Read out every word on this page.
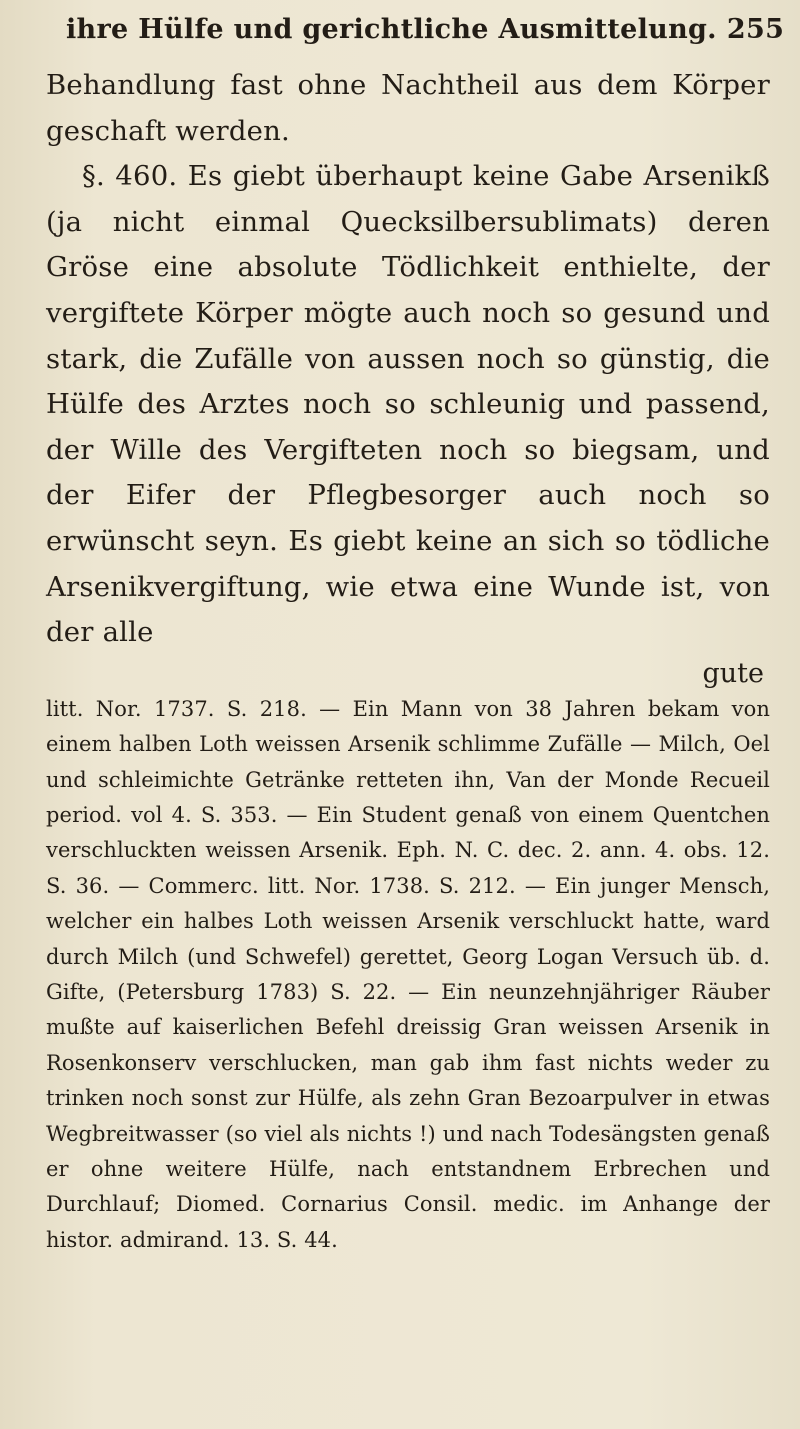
ihre Hülfe und gerichtliche Ausmittelung. 255

Behandlung fast ohne Nachtheil aus dem Körper geschaft werden.

§. 460. Es giebt überhaupt keine Gabe Arsenikß (ja nicht einmal Quecksilbersublimats) deren Gröse eine absolute Tödlichkeit enthielte, der vergiftete Körper mögte auch noch so gesund und stark, die Zufälle von aussen noch so günstig, die Hülfe des Arztes noch so schleunig und passend, der Wille des Vergifteten noch so biegsam, und der Eifer der Pflegbesorger auch noch so erwünscht seyn. Es giebt keine an sich so tödliche Arsenikvergiftung, wie etwa eine Wunde ist, von der alle

gute

litt. Nor. 1737. S. 218. — Ein Mann von 38 Jahren bekam von einem halben Loth weissen Arsenik schlimme Zufälle — Milch, Oel und schleimichte Getränke retteten ihn, Van der Monde Recueil period. vol 4. S. 353. — Ein Student genaß von einem Quentchen verschluckten weissen Arsenik. Eph. N. C. dec. 2. ann. 4. obs. 12. S. 36. — Commerc. litt. Nor. 1738. S. 212. — Ein junger Mensch, welcher ein halbes Loth weissen Arsenik verschluckt hatte, ward durch Milch (und Schwefel) gerettet, Georg Logan Versuch üb. d. Gifte, (Petersburg 1783) S. 22. — Ein neunzehnjähriger Räuber mußte auf kaiserlichen Befehl dreissig Gran weissen Arsenik in Rosenkonserv verschlucken, man gab ihm fast nichts weder zu trinken noch sonst zur Hülfe, als zehn Gran Bezoarpulver in etwas Wegbreitwasser (so viel als nichts !) und nach Todesängsten genaß er ohne weitere Hülfe, nach entstandnem Erbrechen und Durchlauf; Diomed. Cornarius Consil. medic. im Anhange der histor. admirand. 13. S. 44.
